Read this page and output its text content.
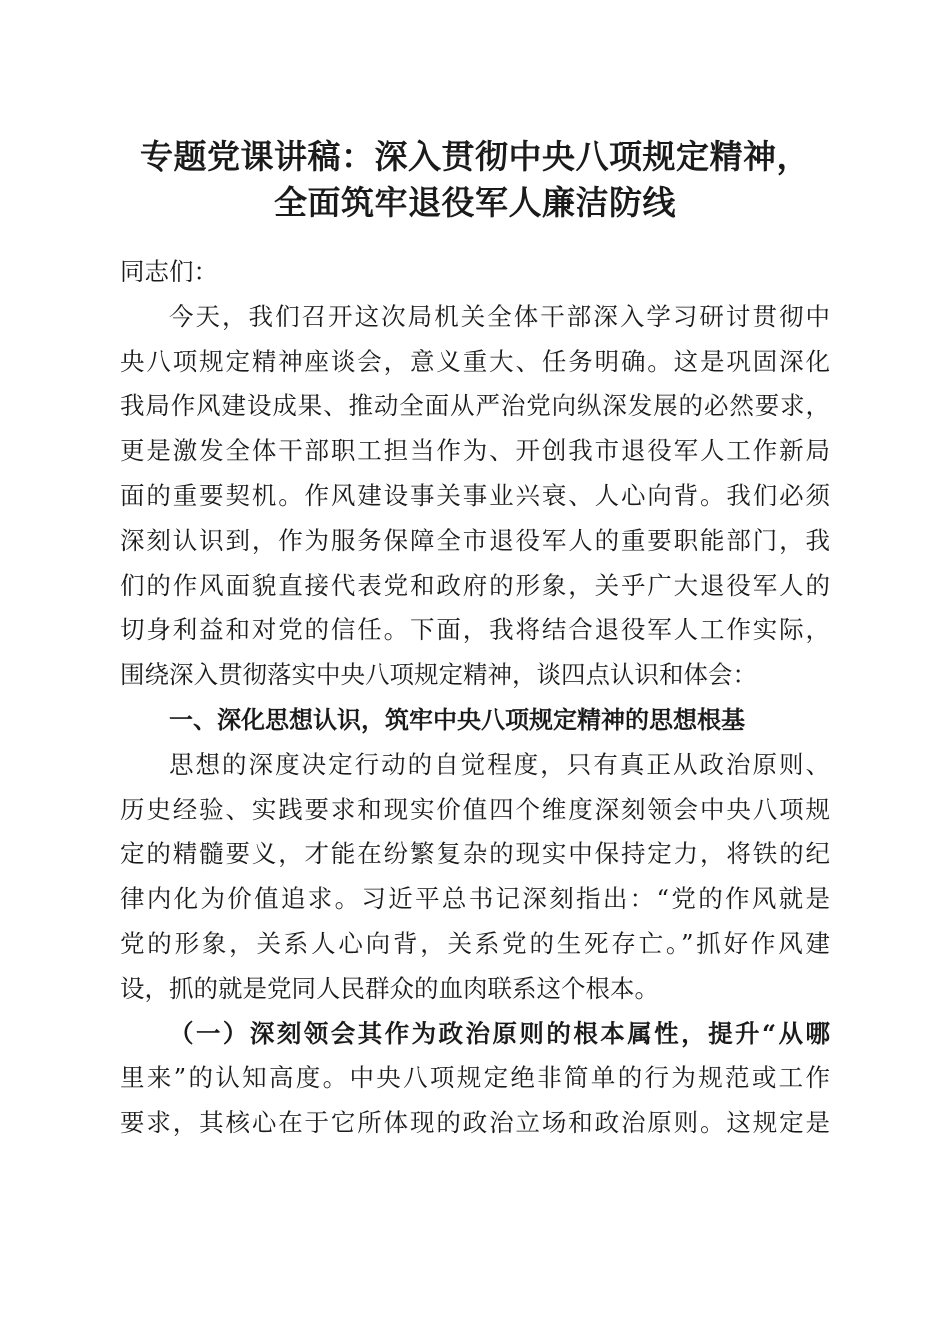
专题党课讲稿：深入贯彻中央八项规定精神，
全面筑牢退役军人廉洁防线
同志们：
今天，我们召开这次局机关全体干部深入学习研讨贯彻中
央八项规定精神座谈会，意义重大、任务明确。这是巩固深化
我局作风建设成果、推动全面从严治党向纵深发展的必然要求，
更是激发全体干部职工担当作为、开创我市退役军人工作新局
面的重要契机。作风建设事关事业兴衰、人心向背。我们必须
深刻认识到，作为服务保障全市退役军人的重要职能部门，我
们的作风面貌直接代表党和政府的形象，关乎广大退役军人的
切身利益和对党的信任。下面，我将结合退役军人工作实际，
围绕深入贯彻落实中央八项规定精神，谈四点认识和体会：
一、深化思想认识，筑牢中央八项规定精神的思想根基
思想的深度决定行动的自觉程度，只有真正从政治原则、
历史经验、实践要求和现实价值四个维度深刻领会中央八项规
定的精髓要义，才能在纷繁复杂的现实中保持定力，将铁的纪
律内化为价值追求。习近平总书记深刻指出：“党的作风就是
党的形象，关系人心向背，关系党的生死存亡。”抓好作风建
设，抓的就是党同人民群众的血肉联系这个根本。
（一）深刻领会其作为政治原则的根本属性，提升“从哪
里来”的认知高度。中央八项规定绝非简单的行为规范或工作
要求，其核心在于它所体现的政治立场和政治原则。这规定是
